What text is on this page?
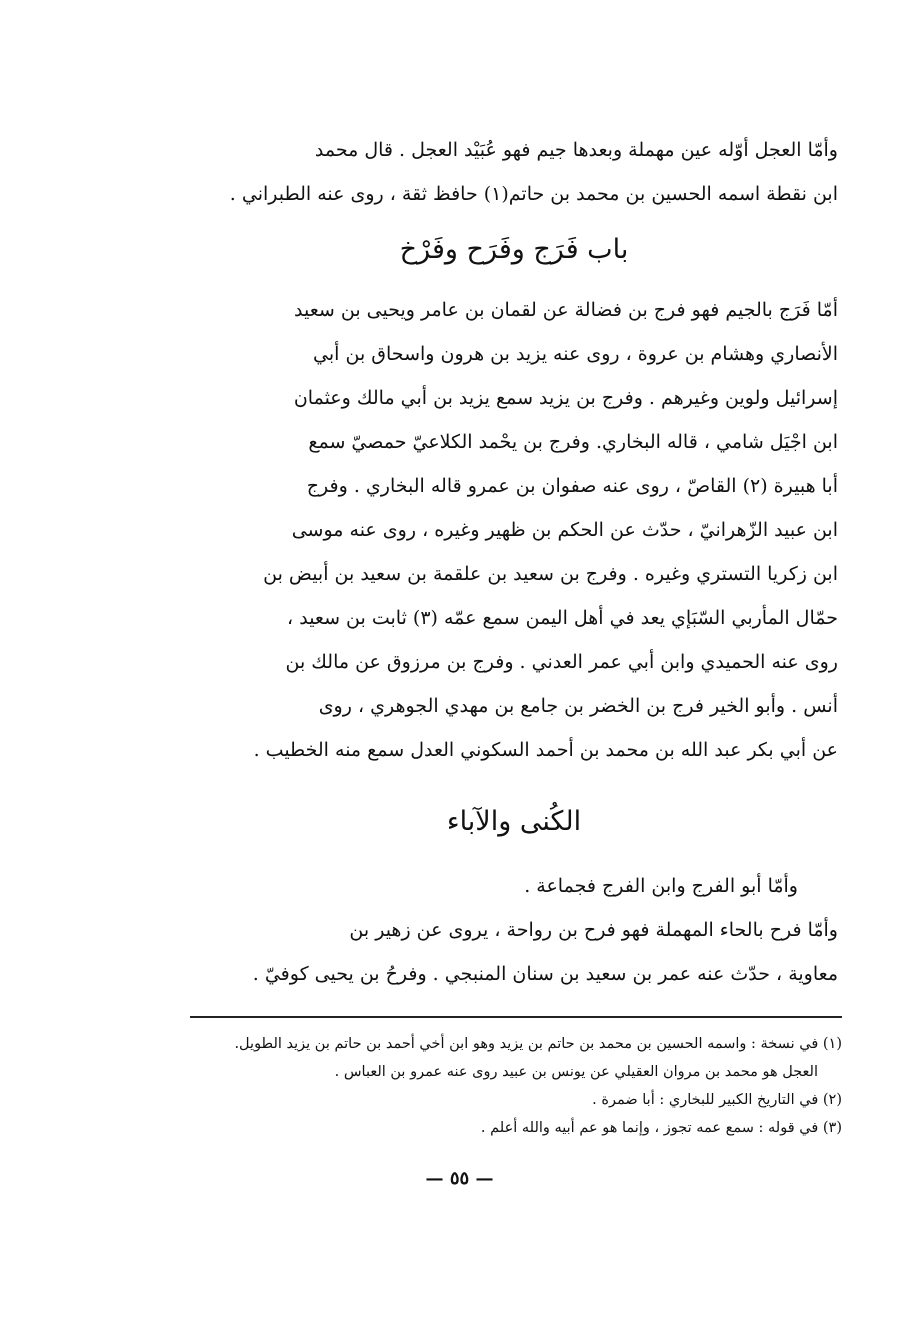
وأمّا العجل أوّله عين مهملة وبعدها جيم فهو عُبَيْد العجل . قال محمد
ابن نقطة اسمه الحسين بن محمد بن حاتم(١) حافظ ثقة ، روى عنه الطبراني .
باب فَرَج وفَرَح وفَرْخ
أمّا فَرَج بالجيم فهو فرج بن فضالة عن لقمان بن عامر ويحيى بن سعيد
الأنصاري وهشام بن عروة ، روى عنه يزيد بن هرون واسحاق بن أبي
إسرائيل ولوين وغيرهم . وفرج بن يزيد سمع يزيد بن أبي مالك وعثمان
ابن اجْيَل شامي ، قاله البخاري. وفرج بن يحْمد الكلاعيّ حمصيّ سمع
أبا هبيرة (٢) القاصّ ، روى عنه صفوان بن عمرو قاله البخاري . وفرج
ابن عبيد الزّهرانيّ ، حدّث عن الحكم بن ظهير وغيره ، روى عنه موسى
ابن زكريا التستري وغيره . وفرج بن سعيد بن علقمة بن سعيد بن أبيض بن
حمّال المأربي السّبَإي يعد في أهل اليمن سمع عمّه (٣) ثابت بن سعيد ،
روى عنه الحميدي وابن أبي عمر العدني . وفرج بن مرزوق عن مالك بن
أنس . وأبو الخير فرج بن الخضر بن جامع بن مهدي الجوهري ، روى
عن أبي بكر عبد الله بن محمد بن أحمد السكوني العدل سمع منه الخطيب .
الكُنى والآباء
وأمّا أبو الفرج وابن الفرج فجماعة .
وأمّا فرح بالحاء المهملة فهو فرح بن رواحة ، يروى عن زهير بن
معاوية ، حدّث عنه عمر بن سعيد بن سنان المنبجي . وفرحُ بن يحيى كوفيّ .
(١) في نسخة : واسمه الحسين بن محمد بن حاتم بن يزيد وهو ابن أخي أحمد بن حاتم بن يزيد الطويل.
العجل هو محمد بن مروان العقيلي عن يونس بن عبيد روى عنه عمرو بن العباس .
(٢) في التاريخ الكبير للبخاري : أبا ضمرة .
(٣) في قوله : سمع عمه تجوز ، وإنما هو عم أبيه والله أعلم .
— ٥٥ —
